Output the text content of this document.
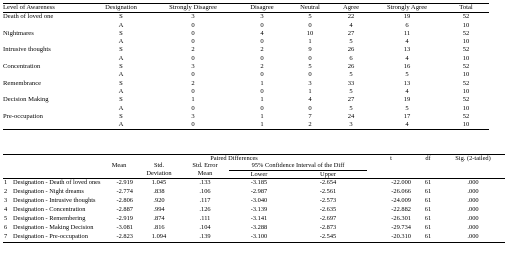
Level of Awareness	Designation	Strongly Disagree	Disagree	Neutral	Agree	Strongly Agree	Total
Death of loved one	S	3	3	5	22	19	52
	A	0	0	0	4	6	10
Nightmares	S	0	4	10	27	11	52
	A	0	0	1	5	4	10
Intrusive thoughts	S	2	2	9	26	13	52
	A	0	0	0	6	4	10
Concentration	S	3	2	5	26	16	52
	A	0	0	0	5	5	10
Remembrance	S	2	1	3	33	13	52
	A	0	0	1	5	4	10
Decision Making	S	1	1	4	27	19	52
	A	0	0	0	5	5	10
Pre-occupation	S	3	1	7	24	17	52
	A	0	1	2	3	4	10
		Paired Differences					t	df	Sig. (2-tailed)
		Mean	Std.	Std. Error	95% Confidence Interval of the Diff				
			Deviation	Mean	Lower	Upper			
1	Designation - Death of loved ones	-2.919	1.045	.133	-3.185	-2.654	-22.000	61	.000
2	Designation - Night dreams	-2.774	.838	.106	-2.987	-2.561	-26.066	61	.000
3	Designation - Intrusive thoughts	-2.806	.920	.117	-3.040	-2.573	-24.009	61	.000
4	Designation - Concentration	-2.887	.994	.126	-3.139	-2.635	-22.882	61	.000
5	Designation - Remembering	-2.919	.874	.111	-3.141	-2.697	-26.301	61	.000
6	Designation - Making Decision	-3.081	.816	.104	-3.288	-2.873	-29.734	61	.000
7	Designation - Pre-occupation	-2.823	1.094	.139	-3.100	-2.545	-20.310	61	.000
